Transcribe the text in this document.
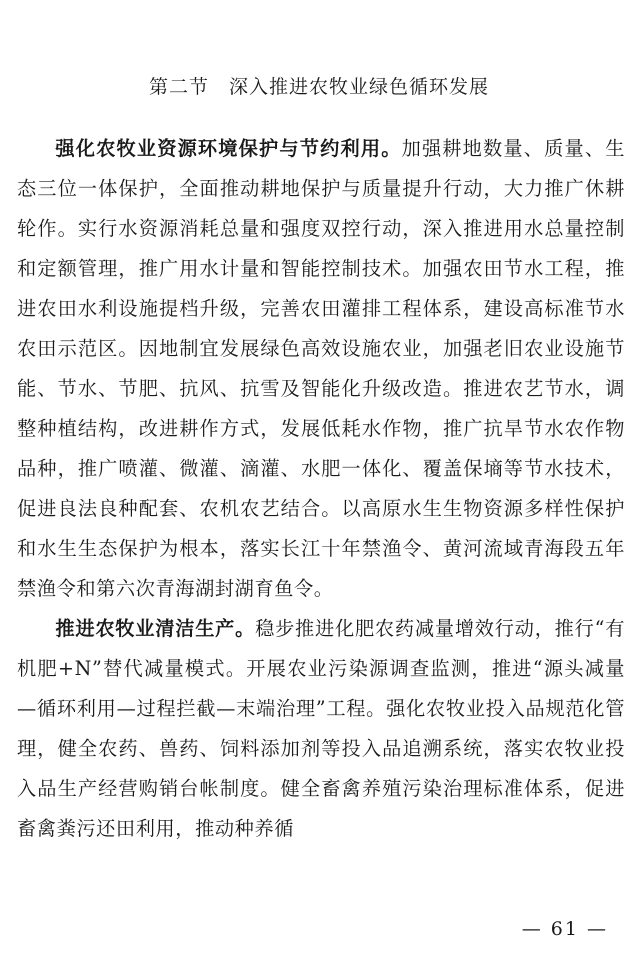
第二节　深入推进农牧业绿色循环发展

强化农牧业资源环境保护与节约利用。加强耕地数量、质量、生态三位一体保护，全面推动耕地保护与质量提升行动，大力推广休耕轮作。实行水资源消耗总量和强度双控行动，深入推进用水总量控制和定额管理，推广用水计量和智能控制技术。加强农田节水工程，推进农田水利设施提档升级，完善农田灌排工程体系，建设高标准节水农田示范区。因地制宜发展绿色高效设施农业，加强老旧农业设施节能、节水、节肥、抗风、抗雪及智能化升级改造。推进农艺节水，调整种植结构，改进耕作方式，发展低耗水作物，推广抗旱节水农作物品种，推广喷灌、微灌、滴灌、水肥一体化、覆盖保墒等节水技术，促进良法良种配套、农机农艺结合。以高原水生生物资源多样性保护和水生生态保护为根本，落实长江十年禁渔令、黄河流域青海段五年禁渔令和第六次青海湖封湖育鱼令。

推进农牧业清洁生产。稳步推进化肥农药减量增效行动，推行“有机肥+N”替代减量模式。开展农业污染源调查监测，推进“源头减量—循环利用—过程拦截—末端治理”工程。强化农牧业投入品规范化管理，健全农药、兽药、饲料添加剂等投入品追溯系统，落实农牧业投入品生产经营购销台帐制度。健全畜禽养殖污染治理标准体系，促进畜禽粪污还田利用，推动种养循

— 61 —
